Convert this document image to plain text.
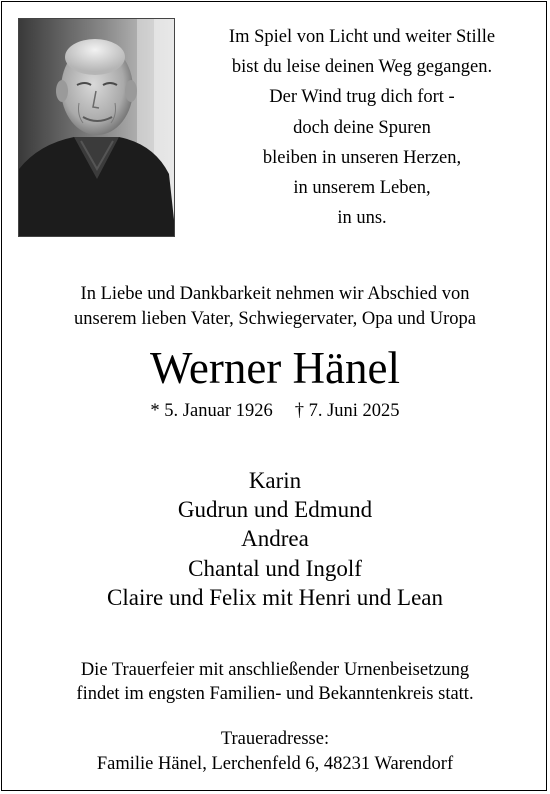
Im Spiel von Licht und weiter Stille
bist du leise deinen Weg gegangen.
Der Wind trug dich fort -
doch deine Spuren
bleiben in unseren Herzen,
in unserem Leben,
in uns.
In Liebe und Dankbarkeit nehmen wir Abschied von
unserem lieben Vater, Schwiegervater, Opa und Uropa
Werner Hänel
* 5. Januar 1926 † 7. Juni 2025
Karin
Gudrun und Edmund
Andrea
Chantal und Ingolf
Claire und Felix mit Henri und Lean
Die Trauerfeier mit anschließender Urnenbeisetzung
findet im engsten Familien- und Bekanntenkreis statt.
Traueradresse:
Familie Hänel, Lerchenfeld 6, 48231 Warendorf
